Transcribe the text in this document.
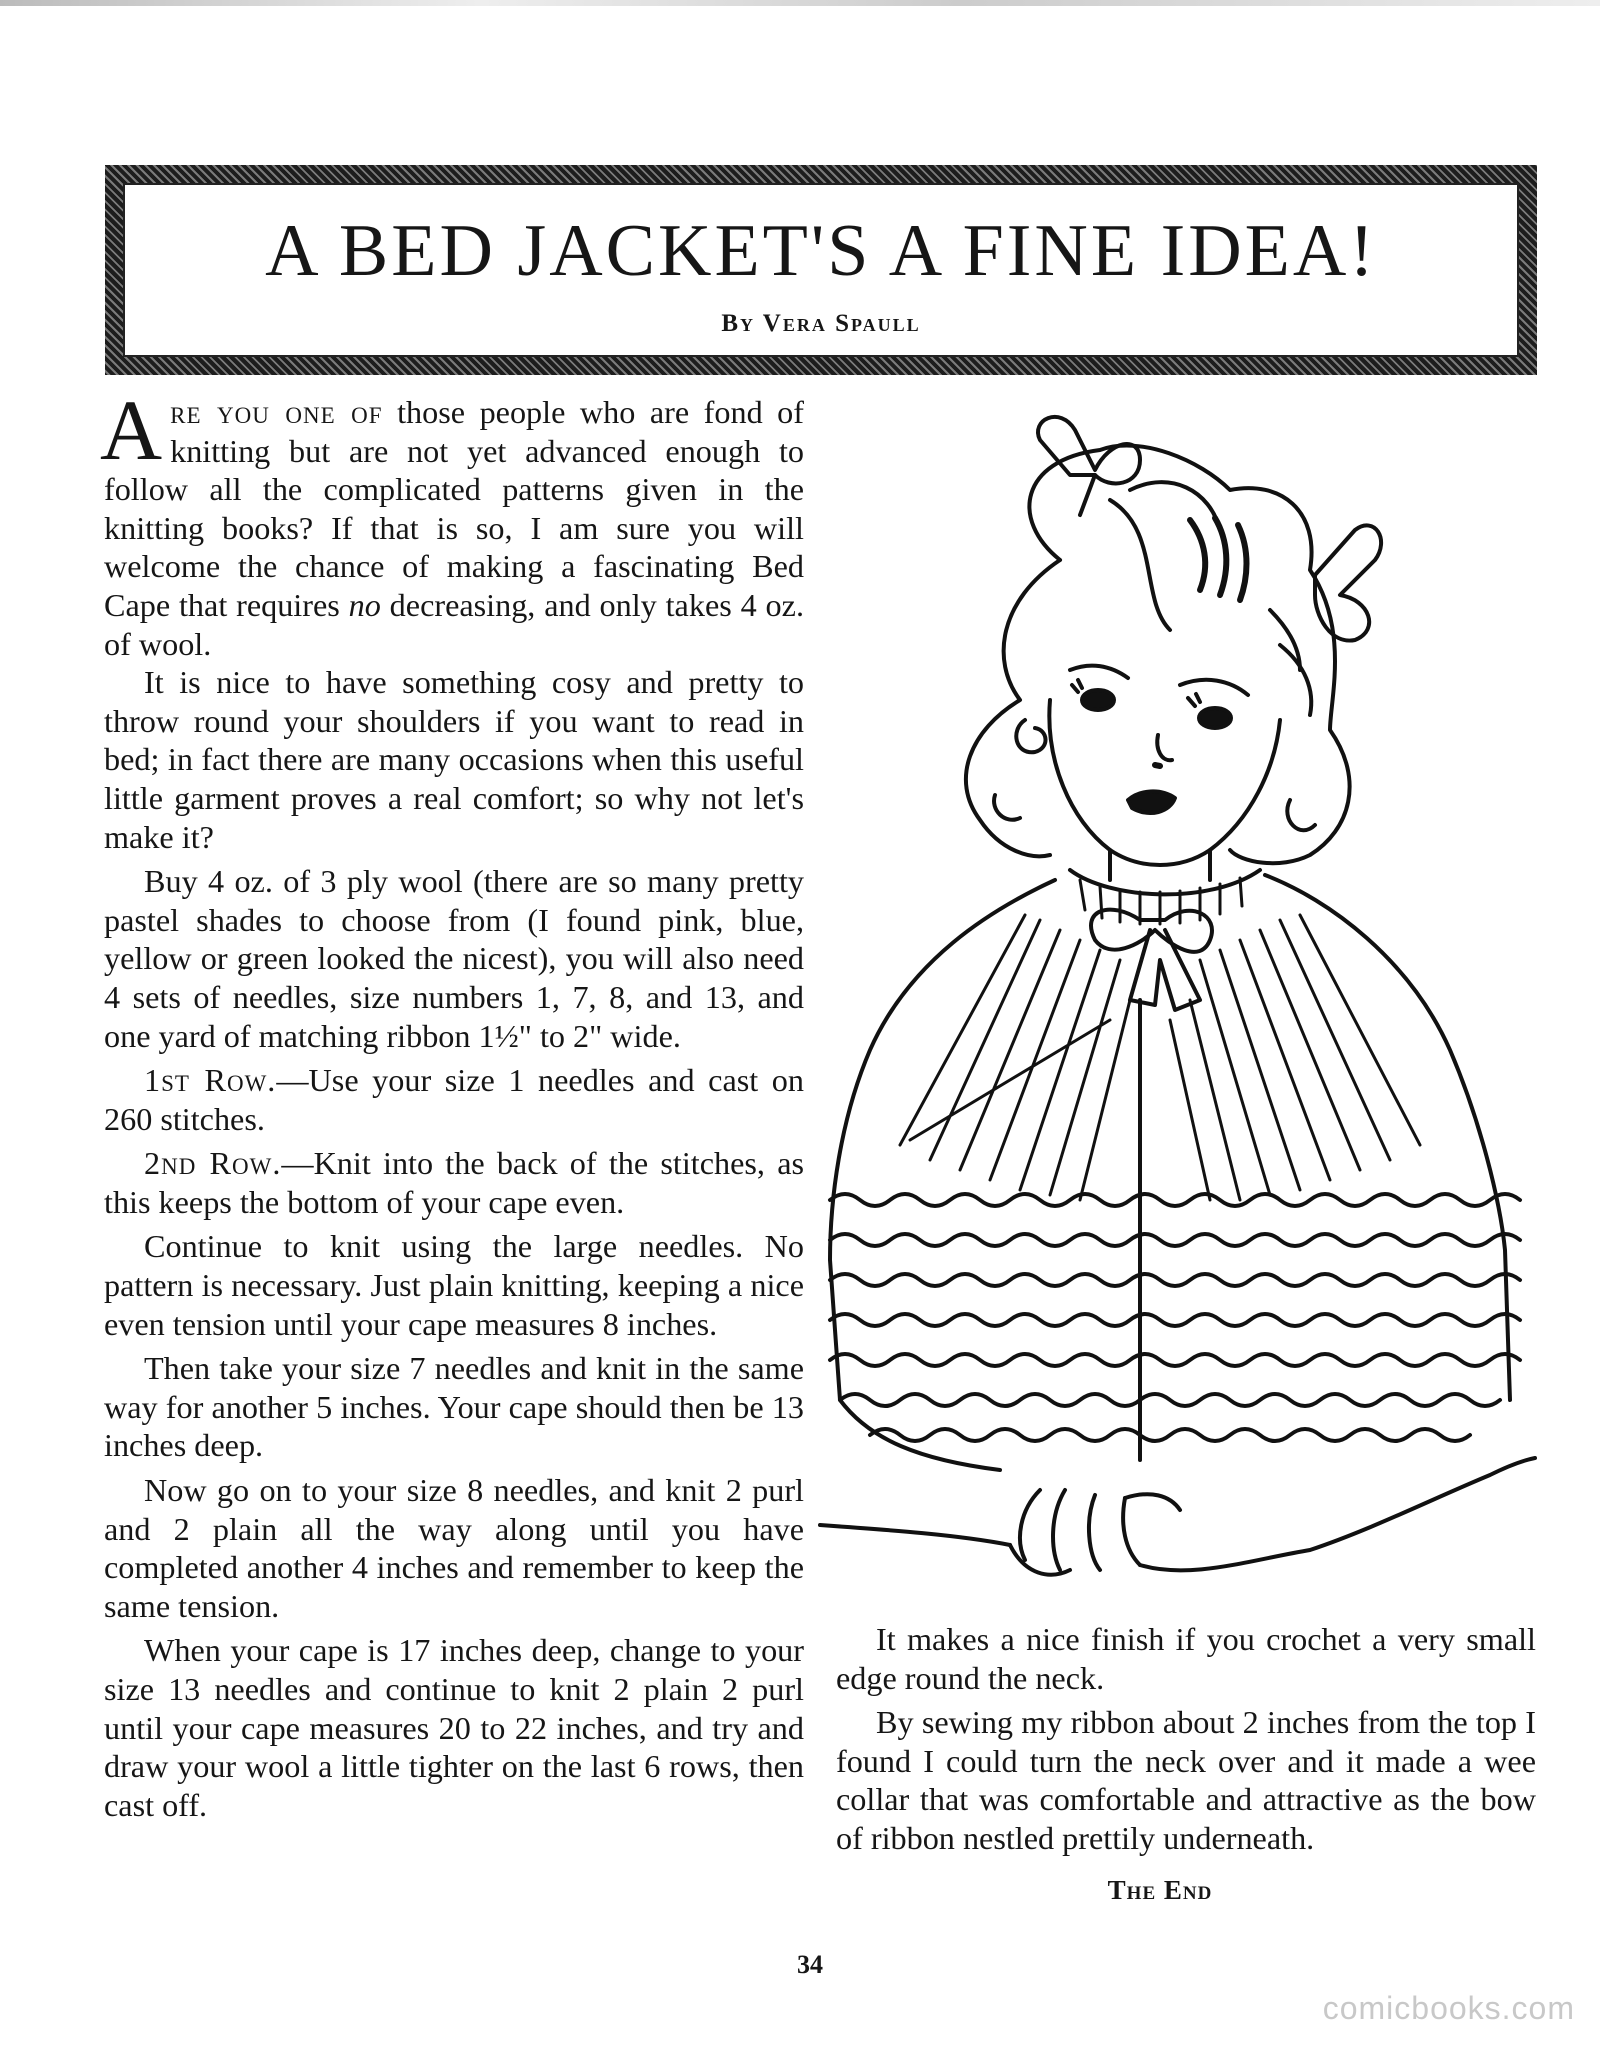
A BED JACKET'S A FINE IDEA!
By Vera Spaull

Are you one of those people who are fond of knitting but are not yet advanced enough to follow all the complicated patterns given in the knitting books? If that is so, I am sure you will welcome the chance of making a fascinating Bed Cape that requires no decreasing, and only takes 4 oz. of wool.

It is nice to have something cosy and pretty to throw round your shoulders if you want to read in bed; in fact there are many occasions when this useful little garment proves a real comfort; so why not let's make it?

Buy 4 oz. of 3 ply wool (there are so many pretty pastel shades to choose from (I found pink, blue, yellow or green looked the nicest), you will also need 4 sets of needles, size numbers 1, 7, 8, and 13, and one yard of matching ribbon 1½" to 2" wide.

1st Row.—Use your size 1 needles and cast on 260 stitches.

2nd Row.—Knit into the back of the stitches, as this keeps the bottom of your cape even.

Continue to knit using the large needles. No pattern is necessary. Just plain knitting, keeping a nice even tension until your cape measures 8 inches.

Then take your size 7 needles and knit in the same way for another 5 inches. Your cape should then be 13 inches deep.

Now go on to your size 8 needles, and knit 2 purl and 2 plain all the way along until you have completed another 4 inches and remember to keep the same tension.

When your cape is 17 inches deep, change to your size 13 needles and continue to knit 2 plain 2 purl until your cape measures 20 to 22 inches, and try and draw your wool a little tighter on the last 6 rows, then cast off.

It makes a nice finish if you crochet a very small edge round the neck.

By sewing my ribbon about 2 inches from the top I found I could turn the neck over and it made a wee collar that was comfortable and attractive as the bow of ribbon nestled prettily underneath.

The End
34
comicbooks.com
